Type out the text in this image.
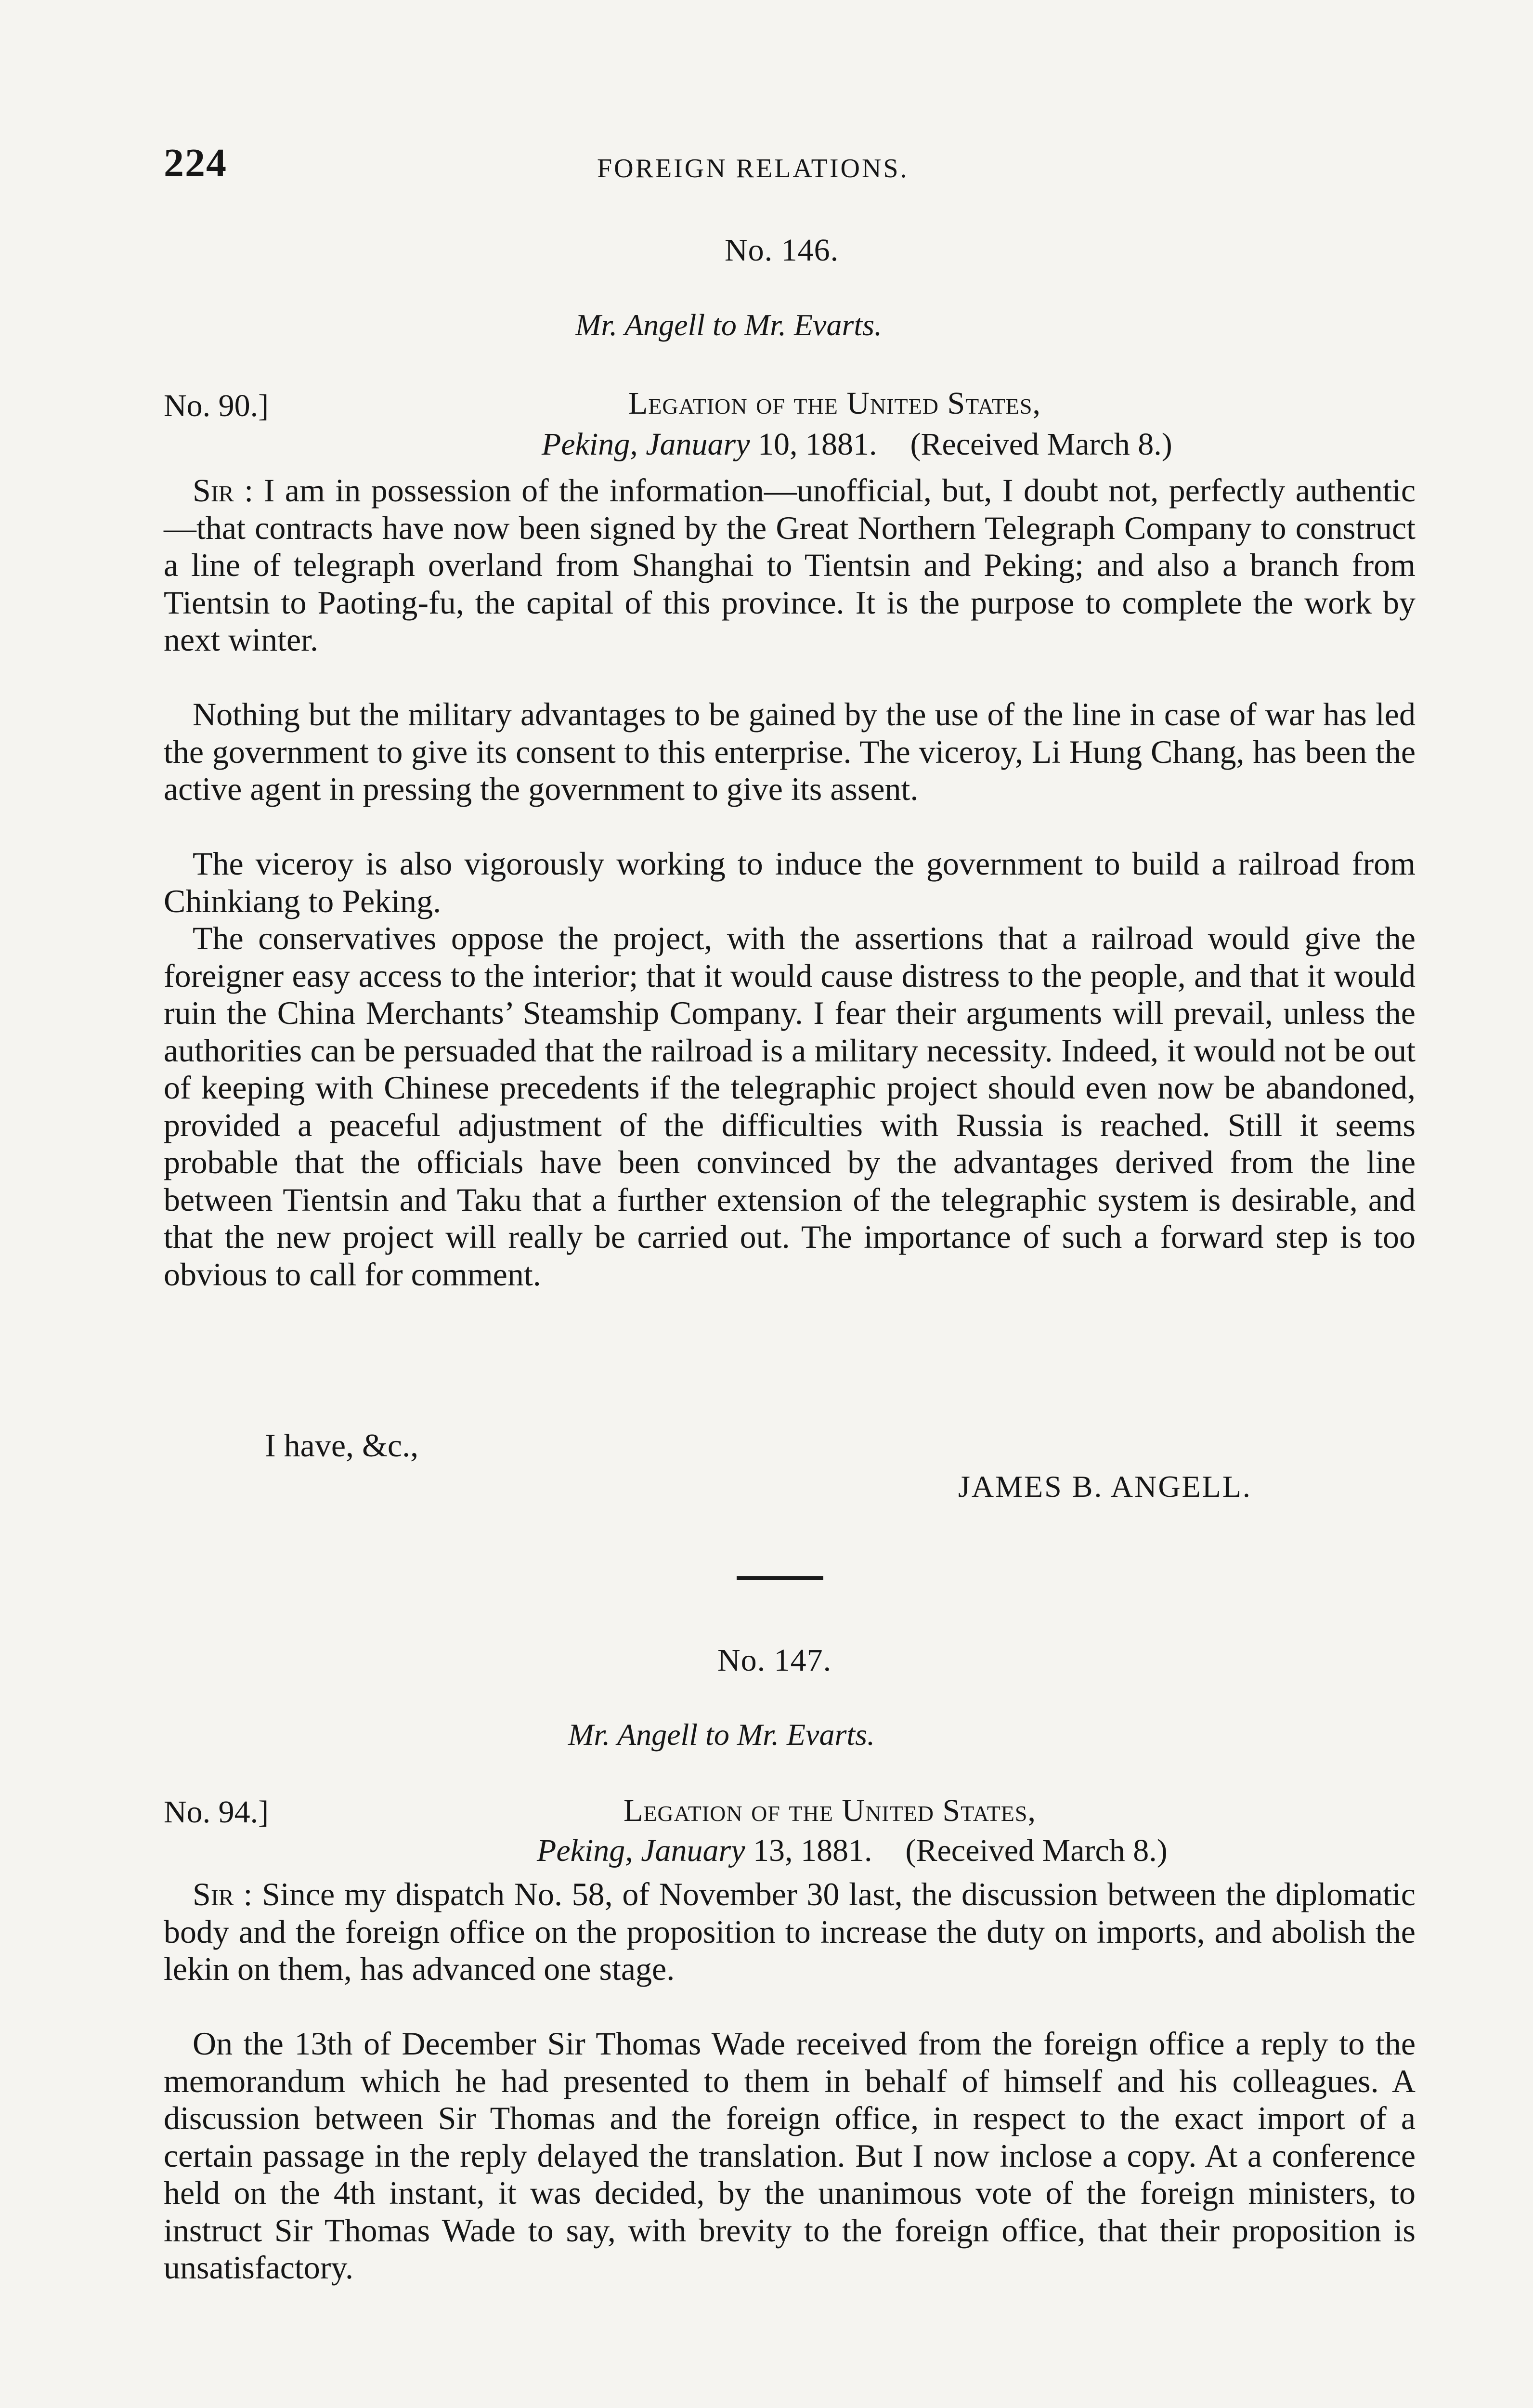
224	FOREIGN RELATIONS.
No. 146.
Mr. Angell to Mr. Evarts.
No. 90.]	Legation of the United States,
Peking, January 10, 1881. (Received March 8.)
Sir : I am in possession of the information—unofficial, but, I doubt not, perfectly authentic—that contracts have now been signed by the Great Northern Telegraph Company to construct a line of telegraph overland from Shanghai to Tientsin and Peking; and also a branch from Tientsin to Paoting-fu, the capital of this province. It is the purpose to complete the work by next winter.
Nothing but the military advantages to be gained by the use of the line in case of war has led the government to give its consent to this enterprise. The viceroy, Li Hung Chang, has been the active agent in pressing the government to give its assent.
The viceroy is also vigorously working to induce the government to build a railroad from Chinkiang to Peking.
The conservatives oppose the project, with the assertions that a railroad would give the foreigner easy access to the interior; that it would cause distress to the people, and that it would ruin the China Merchants’ Steamship Company. I fear their arguments will prevail, unless the authorities can be persuaded that the railroad is a military necessity. Indeed, it would not be out of keeping with Chinese precedents if the telegraphic project should even now be abandoned, provided a peaceful adjustment of the difficulties with Russia is reached. Still it seems probable that the officials have been convinced by the advantages derived from the line between Tientsin and Taku that a further extension of the telegraphic system is desirable, and that the new project will really be carried out. The importance of such a forward step is too obvious to call for comment.
I have, &c.,
JAMES B. ANGELL.
No. 147.
Mr. Angell to Mr. Evarts.
No. 94.]	Legation of the United States,
Peking, January 13, 1881. (Received March 8.)
Sir : Since my dispatch No. 58, of November 30 last, the discussion between the diplomatic body and the foreign office on the proposition to increase the duty on imports, and abolish the lekin on them, has advanced one stage.
On the 13th of December Sir Thomas Wade received from the foreign office a reply to the memorandum which he had presented to them in behalf of himself and his colleagues. A discussion between Sir Thomas and the foreign office, in respect to the exact import of a certain passage in the reply delayed the translation. But I now inclose a copy. At a conference held on the 4th instant, it was decided, by the unanimous vote of the foreign ministers, to instruct Sir Thomas Wade to say, with brevity to the foreign office, that their proposition is unsatisfactory.
